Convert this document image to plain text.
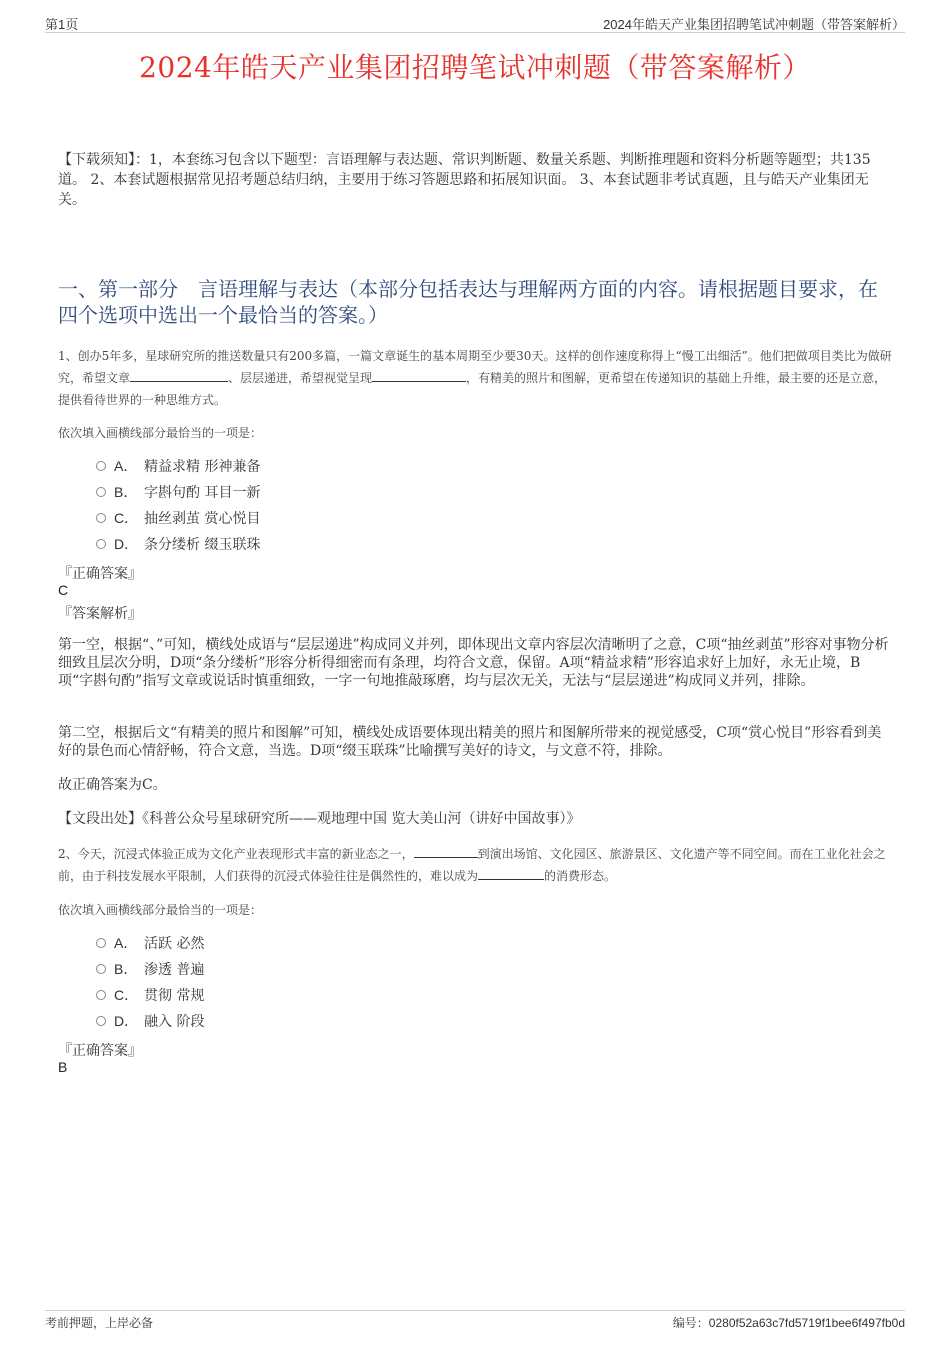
第1页	2024年皓天产业集团招聘笔试冲刺题（带答案解析）
2024年皓天产业集团招聘笔试冲刺题（带答案解析）
【下载须知】：1，本套练习包含以下题型：言语理解与表达题、常识判断题、数量关系题、判断推理题和资料分析题等题型；共135道。 2、本套试题根据常见招考题总结归纳，主要用于练习答题思路和拓展知识面。 3、本套试题非考试真题，且与皓天产业集团无关。
一、第一部分　言语理解与表达（本部分包括表达与理解两方面的内容。请根据题目要求，在四个选项中选出一个最恰当的答案。）
1、创办5年多，星球研究所的推送数量只有200多篇，一篇文章诞生的基本周期至少要30天。这样的创作速度称得上“慢工出细活”。他们把做项目类比为做研究，希望文章	、层层递进，希望视觉呈现	，有精美的照片和图解，更希望在传递知识的基础上升维，最主要的还是立意，提供看待世界的一种思维方式。
依次填入画横线部分最恰当的一项是：
A． 精益求精 形神兼备
B． 字斟句酌 耳目一新
C． 抽丝剥茧 赏心悦目
D． 条分缕析 缀玉联珠
『正确答案』
C
『答案解析』
第一空，根据“、”可知，横线处成语与“层层递进”构成同义并列，即体现出文章内容层次清晰明了之意，C项“抽丝剥茧”形容对事物分析细致且层次分明，D项“条分缕析”形容分析得细密而有条理，均符合文意，保留。A项“精益求精”形容追求好上加好，永无止境，B项“字斟句酌”指写文章或说话时慎重细致，一字一句地推敲琢磨，均与层次无关，无法与“层层递进”构成同义并列，排除。
第二空，根据后文“有精美的照片和图解”可知，横线处成语要体现出精美的照片和图解所带来的视觉感受，C项“赏心悦目”形容看到美好的景色而心情舒畅，符合文意，当选。D项“缀玉联珠”比喻撰写美好的诗文，与文意不符，排除。
故正确答案为C。
【文段出处】《科普公众号星球研究所——观地理中国 览大美山河（讲好中国故事）》
2、今天，沉浸式体验正成为文化产业表现形式丰富的新业态之一，	到演出场馆、文化园区、旅游景区、文化遗产等不同空间。而在工业化社会之前，由于科技发展水平限制，人们获得的沉浸式体验往往是偶然性的，难以成为	的消费形态。
依次填入画横线部分最恰当的一项是：
A． 活跃 必然
B． 渗透 普遍
C． 贯彻 常规
D． 融入 阶段
『正确答案』
B
考前押题，上岸必备	编号：0280f52a63c7fd5719f1bee6f497fb0d
